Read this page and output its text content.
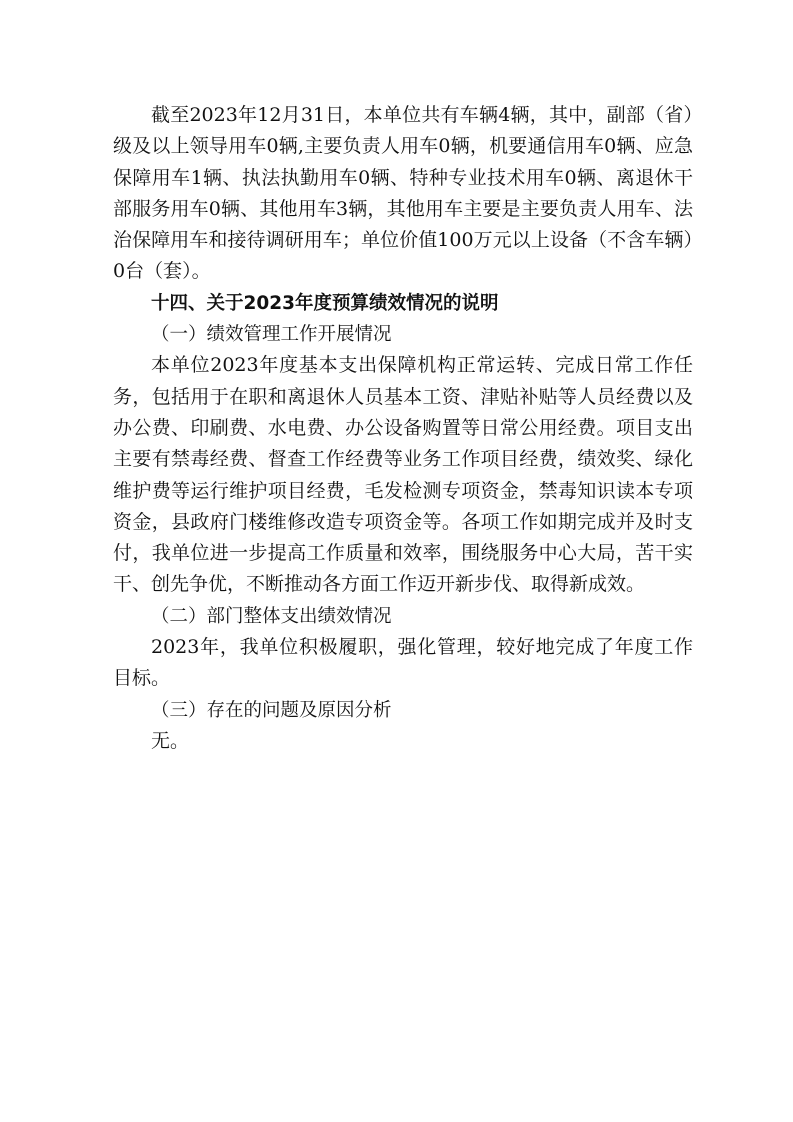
截至2023年12月31日，本单位共有车辆4辆，其中，副部（省）级及以上领导用车0辆,主要负责人用车0辆，机要通信用车0辆、应急保障用车1辆、执法执勤用车0辆、特种专业技术用车0辆、离退休干部服务用车0辆、其他用车3辆，其他用车主要是主要负责人用车、法治保障用车和接待调研用车；单位价值100万元以上设备（不含车辆）0台（套）。

十四、关于2023年度预算绩效情况的说明

（一）绩效管理工作开展情况

本单位2023年度基本支出保障机构正常运转、完成日常工作任务，包括用于在职和离退休人员基本工资、津贴补贴等人员经费以及办公费、印刷费、水电费、办公设备购置等日常公用经费。项目支出主要有禁毒经费、督查工作经费等业务工作项目经费，绩效奖、绿化维护费等运行维护项目经费，毛发检测专项资金，禁毒知识读本专项资金，县政府门楼维修改造专项资金等。各项工作如期完成并及时支付，我单位进一步提高工作质量和效率，围绕服务中心大局，苦干实干、创先争优，不断推动各方面工作迈开新步伐、取得新成效。

（二）部门整体支出绩效情况

2023年，我单位积极履职，强化管理，较好地完成了年度工作目标。

（三）存在的问题及原因分析

无。
